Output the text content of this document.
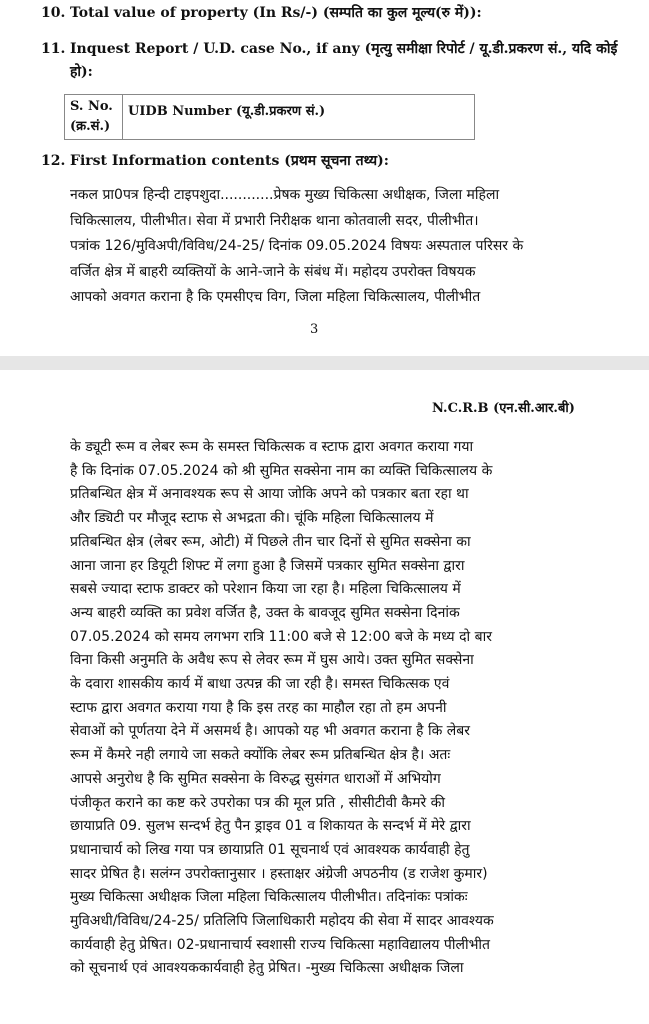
10. Total value of property (In Rs/-) (सम्पति का कुल मूल्य(रु में)):
11. Inquest Report / U.D. case No., if any (मृत्यु समीक्षा रिपोर्ट / यू.डी.प्रकरण सं., यदि कोई हो):
S. No. (क्र.सं.)
UIDB Number (यू.डी.प्रकरण सं.)
12. First Information contents (प्रथम सूचना तथ्य):
नकल प्रा0पत्र हिन्दी टाइपशुदा............प्रेषक मुख्य चिकित्सा अधीक्षक, जिला महिला
चिकित्सालय, पीलीभीत। सेवा में प्रभारी निरीक्षक थाना कोतवाली सदर, पीलीभीत।
पत्रांक 126/मुविअपी/विविध/24-25/ दिनांक 09.05.2024 विषयः अस्पताल परिसर के
वर्जित क्षेत्र में बाहरी व्यक्तियों के आने-जाने के संबंध में। महोदय उपरोक्त विषयक
आपको अवगत कराना है कि एमसीएच विग, जिला महिला चिकित्सालय, पीलीभीत
3
N.C.R.B (एन.सी.आर.बी)
के ड्यूटी रूम व लेबर रूम के समस्त चिकित्सक व स्टाफ द्वारा अवगत कराया गया
है कि दिनांक 07.05.2024 को श्री सुमित सक्सेना नाम का व्यक्ति चिकित्सालय के
प्रतिबन्धित क्षेत्र में अनावश्यक रूप से आया जोकि अपने को पत्रकार बता रहा था
और ड्यिटी पर मौजूद स्टाफ से अभद्रता की। चूंकि महिला चिकित्सालय में
प्रतिबन्धित क्षेत्र (लेबर रूम, ओटी) में पिछले तीन चार दिनों से सुमित सक्सेना का
आना जाना हर डियूटी शिफ्ट में लगा हुआ है जिसमें पत्रकार सुमित सक्सेना द्वारा
सबसे ज्यादा स्टाफ डाक्टर को परेशान किया जा रहा है। महिला चिकित्सालय में
अन्य बाहरी व्यक्ति का प्रवेश वर्जित है, उक्त के बावजूद सुमित सक्सेना दिनांक
07.05.2024 को समय लगभग रात्रि 11:00 बजे से 12:00 बजे के मध्य दो बार
विना किसी अनुमति के अवैध रूप से लेवर रूम में घुस आये। उक्त सुमित सक्सेना
के दवारा शासकीय कार्य में बाधा उत्पन्न की जा रही है। समस्त चिकित्सक एवं
स्टाफ द्वारा अवगत कराया गया है कि इस तरह का माहौल रहा तो हम अपनी
सेवाओं को पूर्णतया देने में असमर्थ है। आपको यह भी अवगत कराना है कि लेबर
रूम में कैमरे नही लगाये जा सकते क्योंकि लेबर रूम प्रतिबन्धित क्षेत्र है। अतः
आपसे अनुरोध है कि सुमित सक्सेना के विरुद्ध सुसंगत धाराओं में अभियोग
पंजीकृत कराने का कष्ट करे उपरोका पत्र की मूल प्रति , सीसीटीवी कैमरे की
छायाप्रति 09. सुलभ सन्दर्भ हेतु पैन ड्राइव 01 व शिकायत के सन्दर्भ में मेरे द्वारा
प्रधानाचार्य को लिख गया पत्र छायाप्रति 01 सूचनार्थ एवं आवश्यक कार्यवाही हेतु
सादर प्रेषित है। सलंग्न उपरोक्तानुसार । हस्ताक्षर अंग्रेजी अपठनीय (ड राजेश कुमार)
मुख्य चिकित्सा अधीक्षक जिला महिला चिकित्सालय पीलीभीत। तदिनांकः पत्रांकः
मुविअधी/विविध/24-25/ प्रतिलिपि जिलाधिकारी महोदय की सेवा में सादर आवश्यक
कार्यवाही हेतु प्रेषित। 02-प्रधानाचार्य स्वशासी राज्य चिकित्सा महाविद्यालय पीलीभीत
को सूचनार्थ एवं आवश्यककार्यवाही हेतु प्रेषित। -मुख्य चिकित्सा अधीक्षक जिला
